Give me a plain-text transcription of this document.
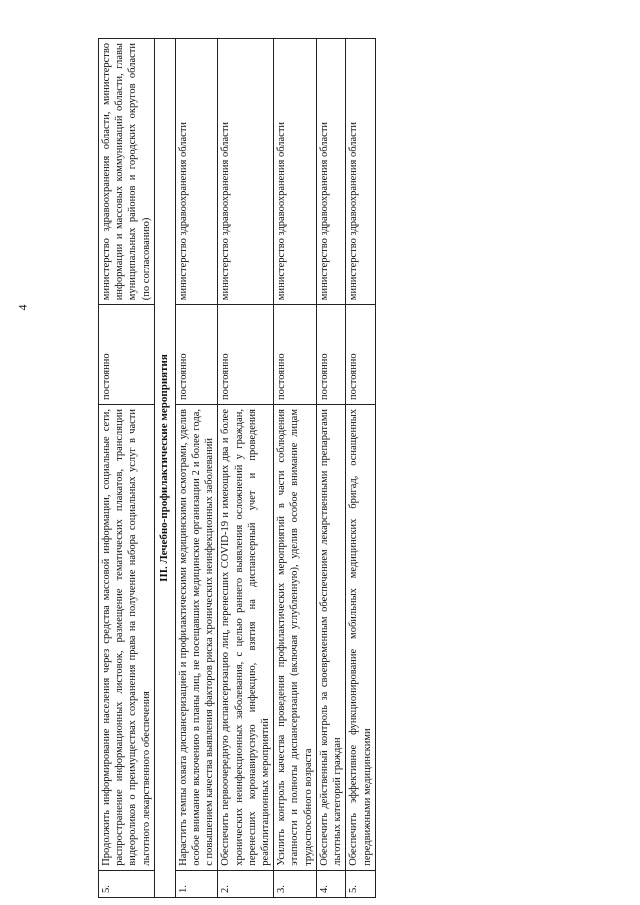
4
5.	Продолжить информирование населения через средства массовой информации, социальные сети, распространение информационных листовок, размещение тематических плакатов, трансляции видеороликов о преимуществах сохранения права на получение набора социальных услуг в части льготного лекарственного обеспечения	постоянно	министерство здравоохранения области, министерство информации и массовых коммуникаций области, главы муниципальных районов и городских округов области (по согласованию)
III. Лечебно-профилактические мероприятия			
1.	Нарастить темпы охвата диспансеризацией и профилактическими медицинскими осмотрами, уделив особое внимание включению в планы лиц, не посещавших медицинские организации 2 и более года, с повышением качества выявления факторов риска хронических неинфекционных заболеваний	постоянно	министерство здравоохранения области
2.	Обеспечить первоочередную диспансеризацию лиц, перенесших COVID-19 и имеющих два и более хронических неинфекционных заболевания, с целью раннего выявления осложнений у граждан, перенесших коронавирусную инфекцию, взятия на диспансерный учет и проведения реабилитационных мероприятий	постоянно	министерство здравоохранения области
3.	Усилить контроль качества проведения профилактических мероприятий в части соблюдения этапности и полноты диспансеризации (включая углубленную), уделив особое внимание лицам трудоспособного возраста	постоянно	министерство здравоохранения области
4.	Обеспечить действенный контроль за своевременным обеспечением лекарственными препаратами льготных категорий граждан	постоянно	министерство здравоохранения области
5.	Обеспечить эффективное функционирование мобильных медицинских бригад, оснащенных передвижными медицинскими	постоянно	министерство здравоохранения области
